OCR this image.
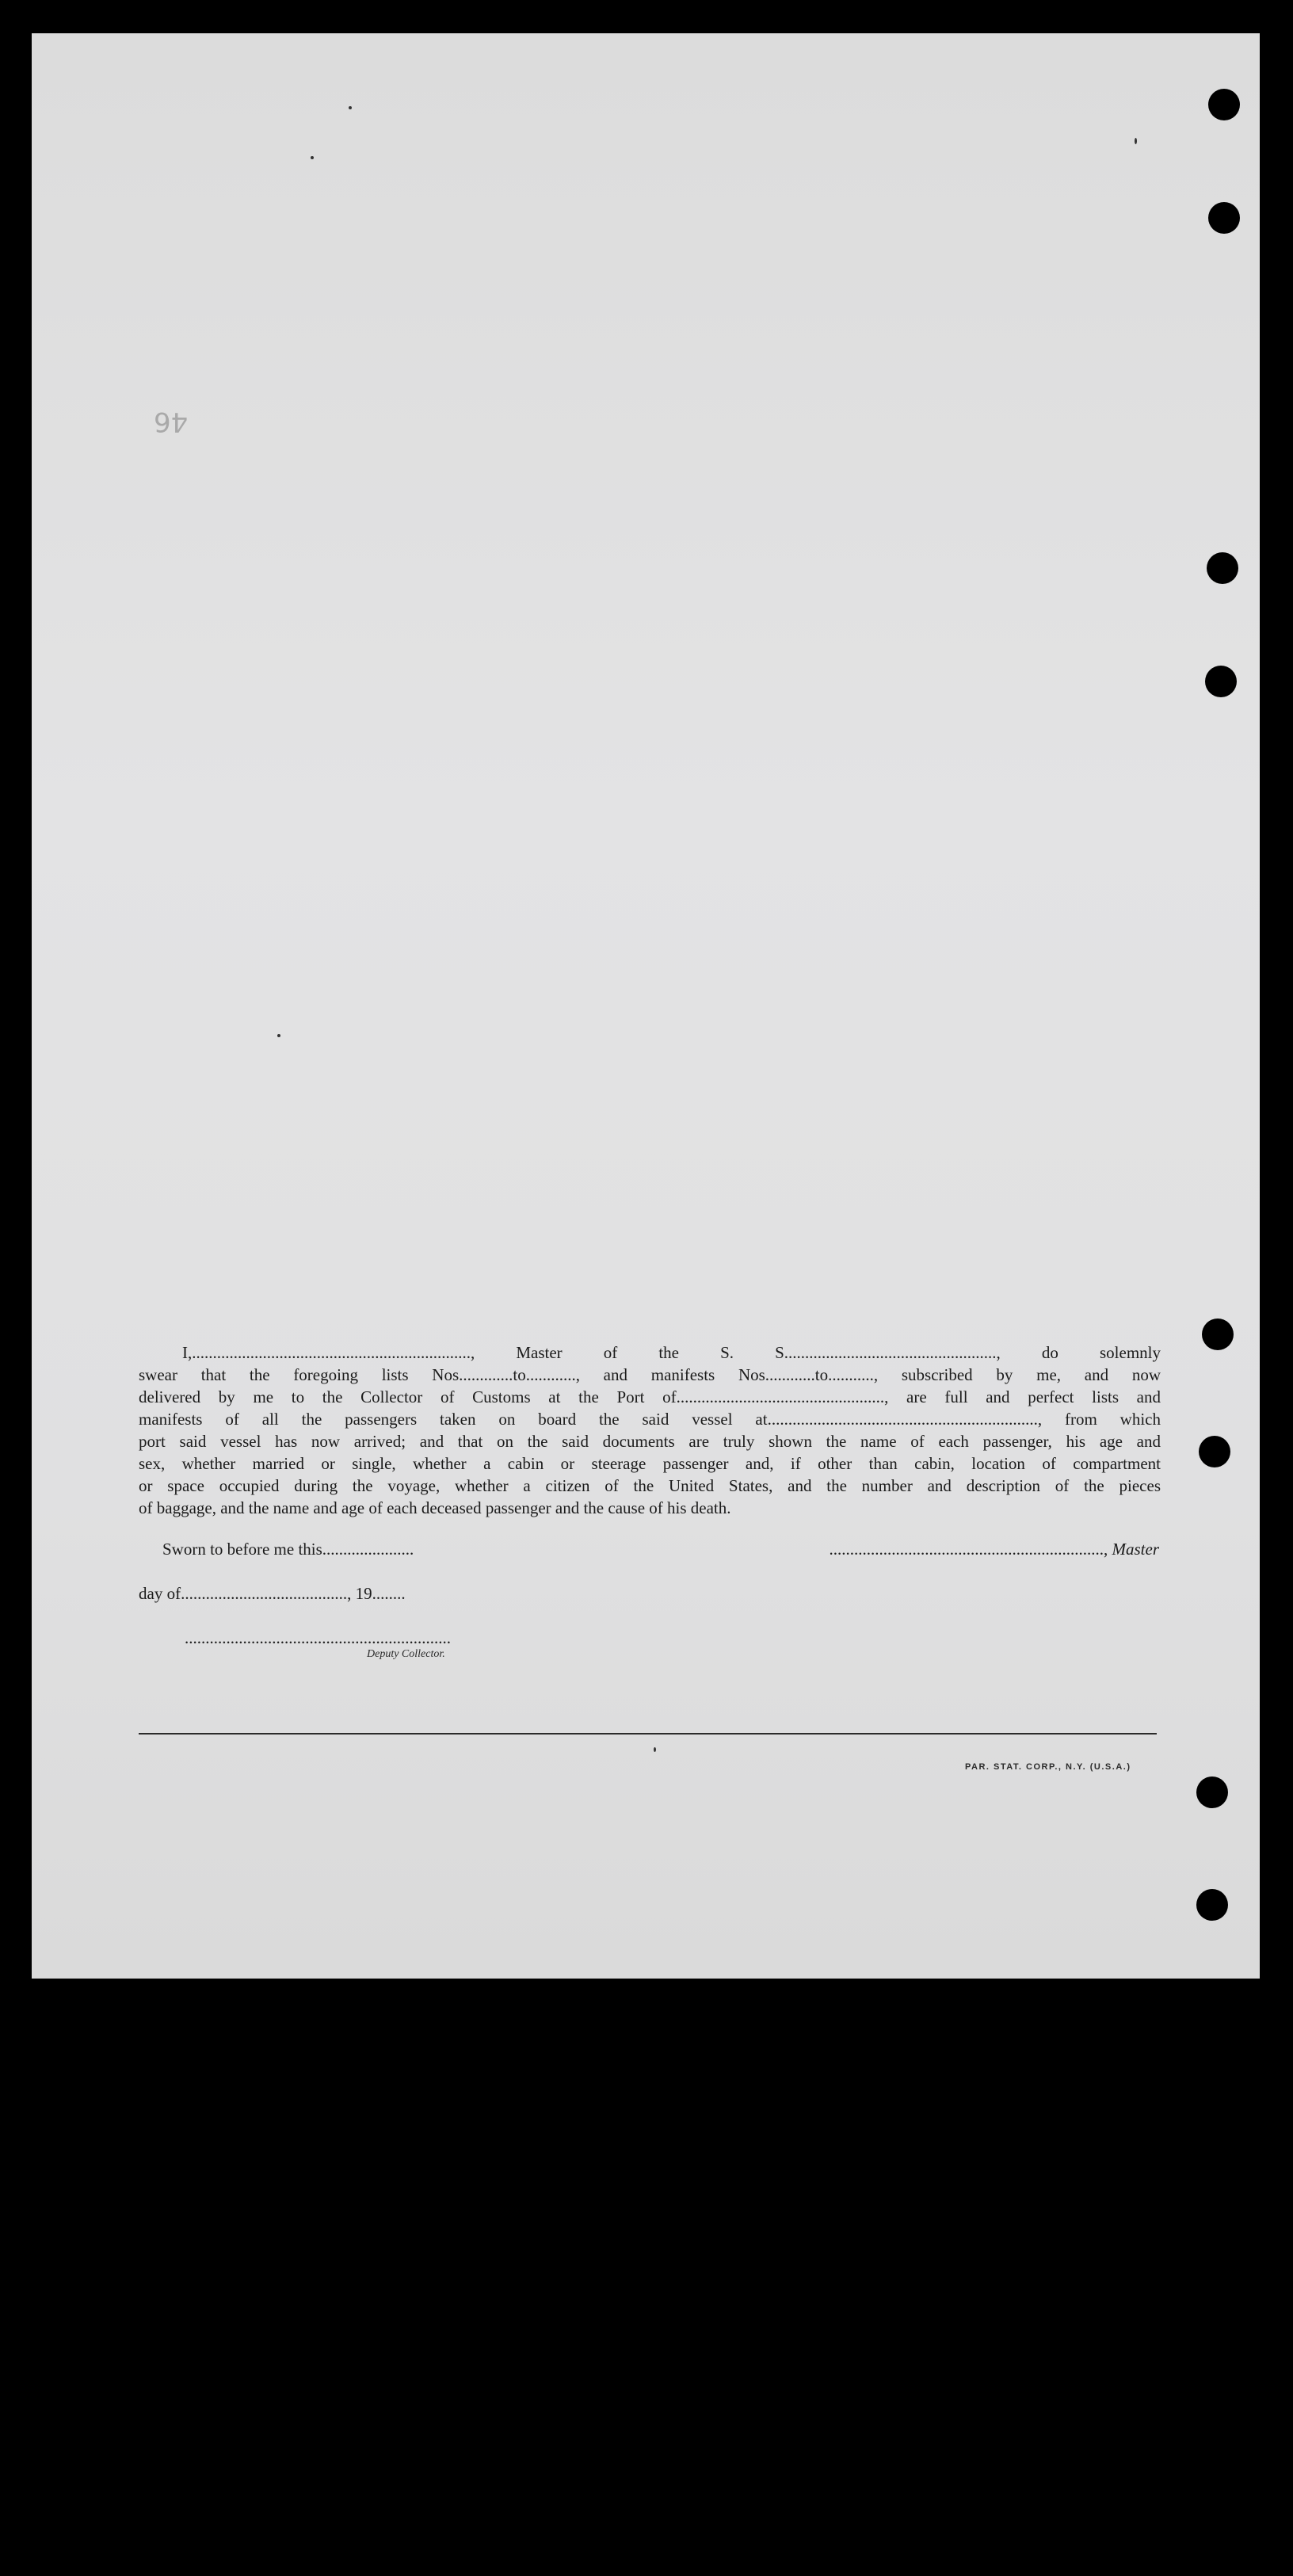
46
I,..................................................................., Master of the S. S..................................................., do solemnly
swear that the foregoing lists Nos.............to............, and manifests Nos............to..........., subscribed by me, and now
delivered by me to the Collector of Customs at the Port of.................................................., are full and perfect lists and
manifests of all the passengers taken on board the said vessel at................................................................., from which
port said vessel has now arrived; and that on the said documents are truly shown the name of each passenger, his age and
sex, whether married or single, whether a cabin or steerage passenger and, if other than cabin, location of compartment
or space occupied during the voyage, whether a citizen of the United States, and the number and description of the pieces
of baggage, and the name and age of each deceased passenger and the cause of his death.
Sworn to before me this......................	.................................................................., Master
day of........................................, 19........
................................................................
Deputy Collector.
PAR. STAT. CORP., N.Y. (U.S.A.)
